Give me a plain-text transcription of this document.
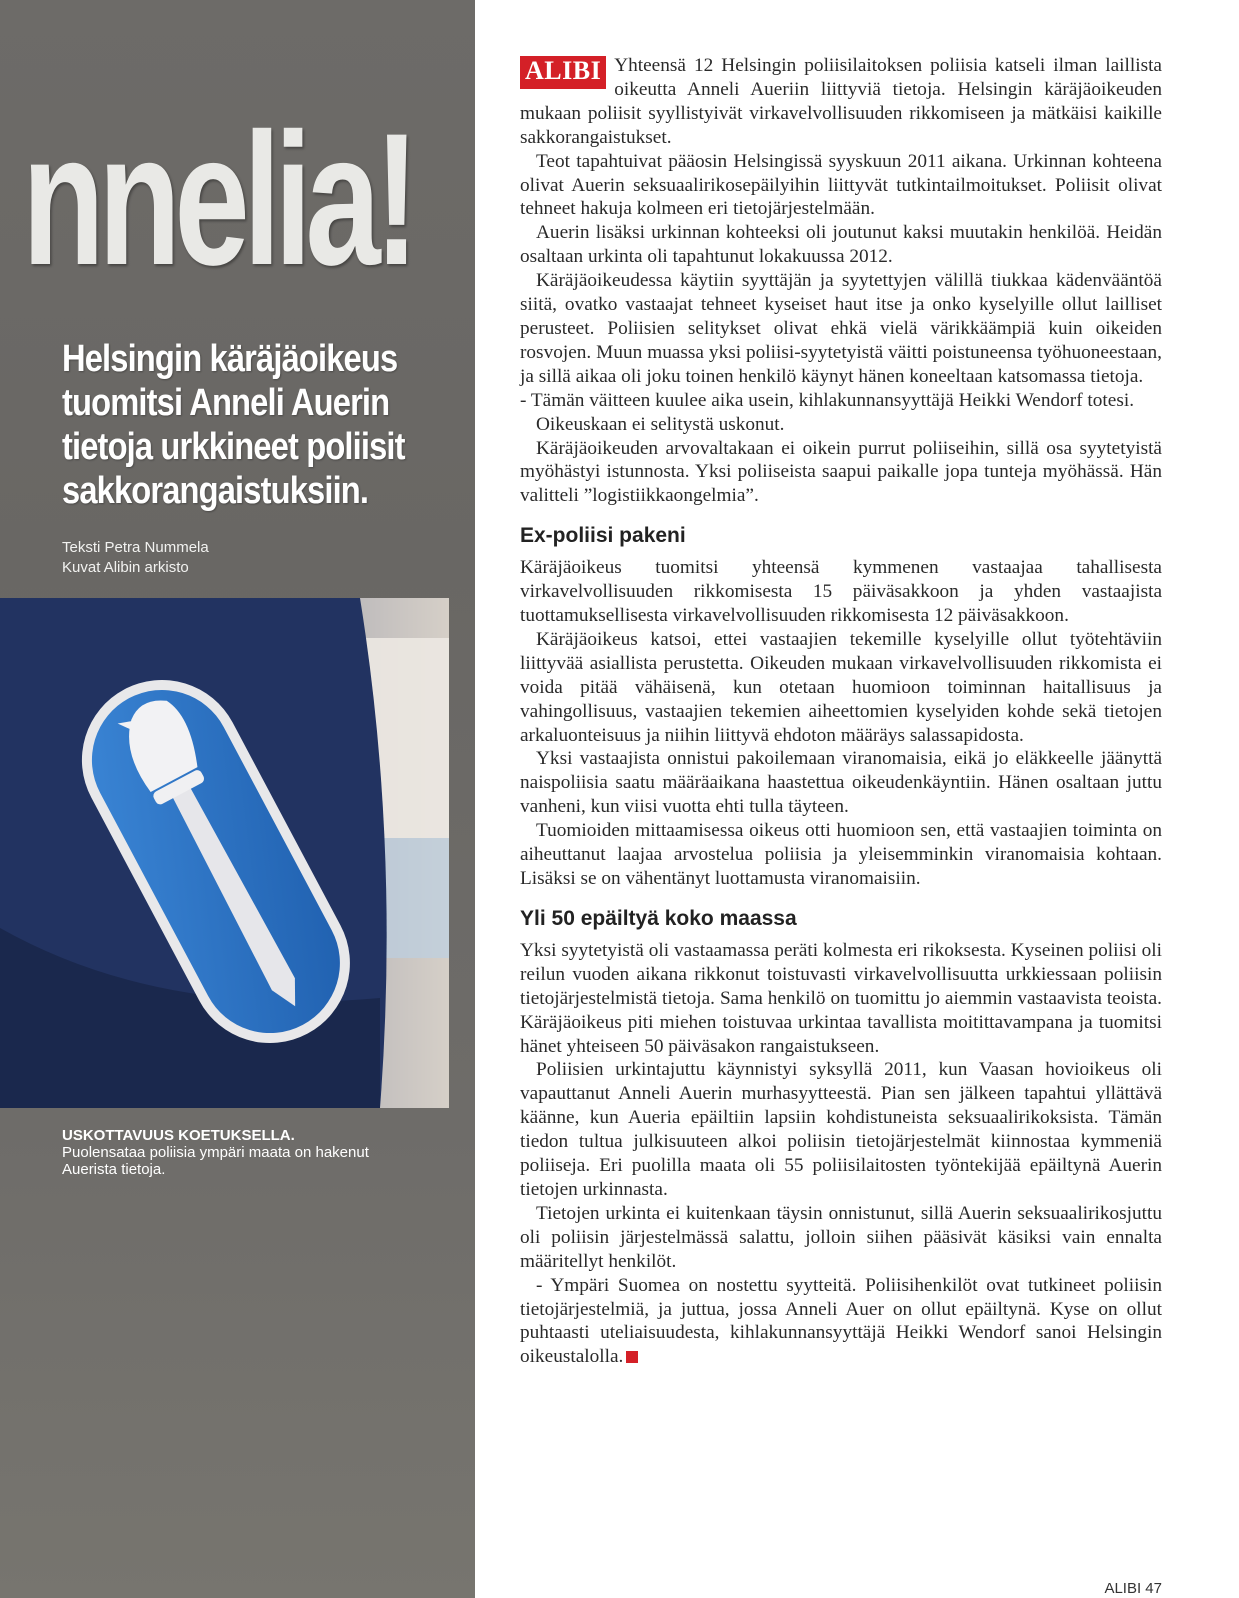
nnelia!
Helsingin käräjäoikeus
tuomitsi Anneli Auerin
tietoja urkkineet poliisit
sakkorangaistuksiin.
Teksti Petra Nummela
Kuvat Alibin arkisto
USKOTTAVUUS KOETUKSELLA.
Puolensataa poliisia ympäri maata on hakenut Auerista tietoja.

ALIBI Yhteensä 12 Helsingin poliisilaitoksen poliisia katseli ilman laillista oikeutta Anneli Aueriin liittyviä tietoja. Helsingin käräjäoikeuden mukaan poliisit syyllistyivät virkavelvollisuuden rikkomiseen ja mätkäisi kaikille sakkorangaistukset.

Teot tapahtuivat pääosin Helsingissä syyskuun 2011 aikana. Urkinnan kohteena olivat Auerin seksuaalirikosepäilyihin liittyvät tutkintailmoitukset. Poliisit olivat tehneet hakuja kolmeen eri tietojärjestelmään.

Auerin lisäksi urkinnan kohteeksi oli joutunut kaksi muutakin henkilöä. Heidän osaltaan urkinta oli tapahtunut lokakuussa 2012.

Käräjäoikeudessa käytiin syyttäjän ja syytettyjen välillä tiukkaa kädenvääntöä siitä, ovatko vastaajat tehneet kyseiset haut itse ja onko kyselyille ollut lailliset perusteet. Poliisien selitykset olivat ehkä vielä värikkäämpiä kuin oikeiden rosvojen. Muun muassa yksi poliisi-syytetyistä väitti poistuneensa työhuoneestaan, ja sillä aikaa oli joku toinen henkilö käynyt hänen koneeltaan katsomassa tietoja.

- Tämän väitteen kuulee aika usein, kihlakunnansyyttäjä Heikki Wendorf totesi.

Oikeuskaan ei selitystä uskonut.

Käräjäoikeuden arvovaltakaan ei oikein purrut poliiseihin, sillä osa syytetyistä myöhästyi istunnosta. Yksi poliiseista saapui paikalle jopa tunteja myöhässä. Hän valitteli ”logistiikkaongelmia”.

Ex-poliisi pakeni

Käräjäoikeus tuomitsi yhteensä kymmenen vastaajaa tahallisesta virkavelvollisuuden rikkomisesta 15 päiväsakkoon ja yhden vastaajista tuottamuksellisesta virkavelvollisuuden rikkomisesta 12 päiväsakkoon.

Käräjäoikeus katsoi, ettei vastaajien tekemille kyselyille ollut työtehtäviin liittyvää asiallista perustetta. Oikeuden mukaan virkavelvollisuuden rikkomista ei voida pitää vähäisenä, kun otetaan huomioon toiminnan haitallisuus ja vahingollisuus, vastaajien tekemien aiheettomien kyselyiden kohde sekä tietojen arkaluonteisuus ja niihin liittyvä ehdoton määräys salassapidosta.

Yksi vastaajista onnistui pakoilemaan viranomaisia, eikä jo eläkkeelle jäänyttä naispoliisia saatu määräaikana haastettua oikeudenkäyntiin. Hänen osaltaan juttu vanheni, kun viisi vuotta ehti tulla täyteen.

Tuomioiden mittaamisessa oikeus otti huomioon sen, että vastaajien toiminta on aiheuttanut laajaa arvostelua poliisia ja yleisemminkin viranomaisia kohtaan. Lisäksi se on vähentänyt luottamusta viranomaisiin.

Yli 50 epäiltyä koko maassa

Yksi syytetyistä oli vastaamassa peräti kolmesta eri rikoksesta. Kyseinen poliisi oli reilun vuoden aikana rikkonut toistuvasti virkavelvollisuutta urkkiessaan poliisin tietojärjestelmistä tietoja. Sama henkilö on tuomittu jo aiemmin vastaavista teoista. Käräjäoikeus piti miehen toistuvaa urkintaa tavallista moitittavampana ja tuomitsi hänet yhteiseen 50 päiväsakon rangaistukseen.

Poliisien urkintajuttu käynnistyi syksyllä 2011, kun Vaasan hovioikeus oli vapauttanut Anneli Auerin murhasyytteestä. Pian sen jälkeen tapahtui yllättävä käänne, kun Aueria epäiltiin lapsiin kohdistuneista seksuaalirikoksista. Tämän tiedon tultua julkisuuteen alkoi poliisin tietojärjestelmät kiinnostaa kymmeniä poliiseja. Eri puolilla maata oli 55 poliisilaitosten työntekijää epäiltynä Auerin tietojen urkinnasta.

Tietojen urkinta ei kuitenkaan täysin onnistunut, sillä Auerin seksuaalirikosjuttu oli poliisin järjestelmässä salattu, jolloin siihen pääsivät käsiksi vain ennalta määritellyt henkilöt.

- Ympäri Suomea on nostettu syytteitä. Poliisihenkilöt ovat tutkineet poliisin tietojärjestelmiä, ja juttua, jossa Anneli Auer on ollut epäiltynä. Kyse on ollut puhtaasti uteliaisuudesta, kihlakunnansyyttäjä Heikki Wendorf sanoi Helsingin oikeustalolla.

ALIBI 47
